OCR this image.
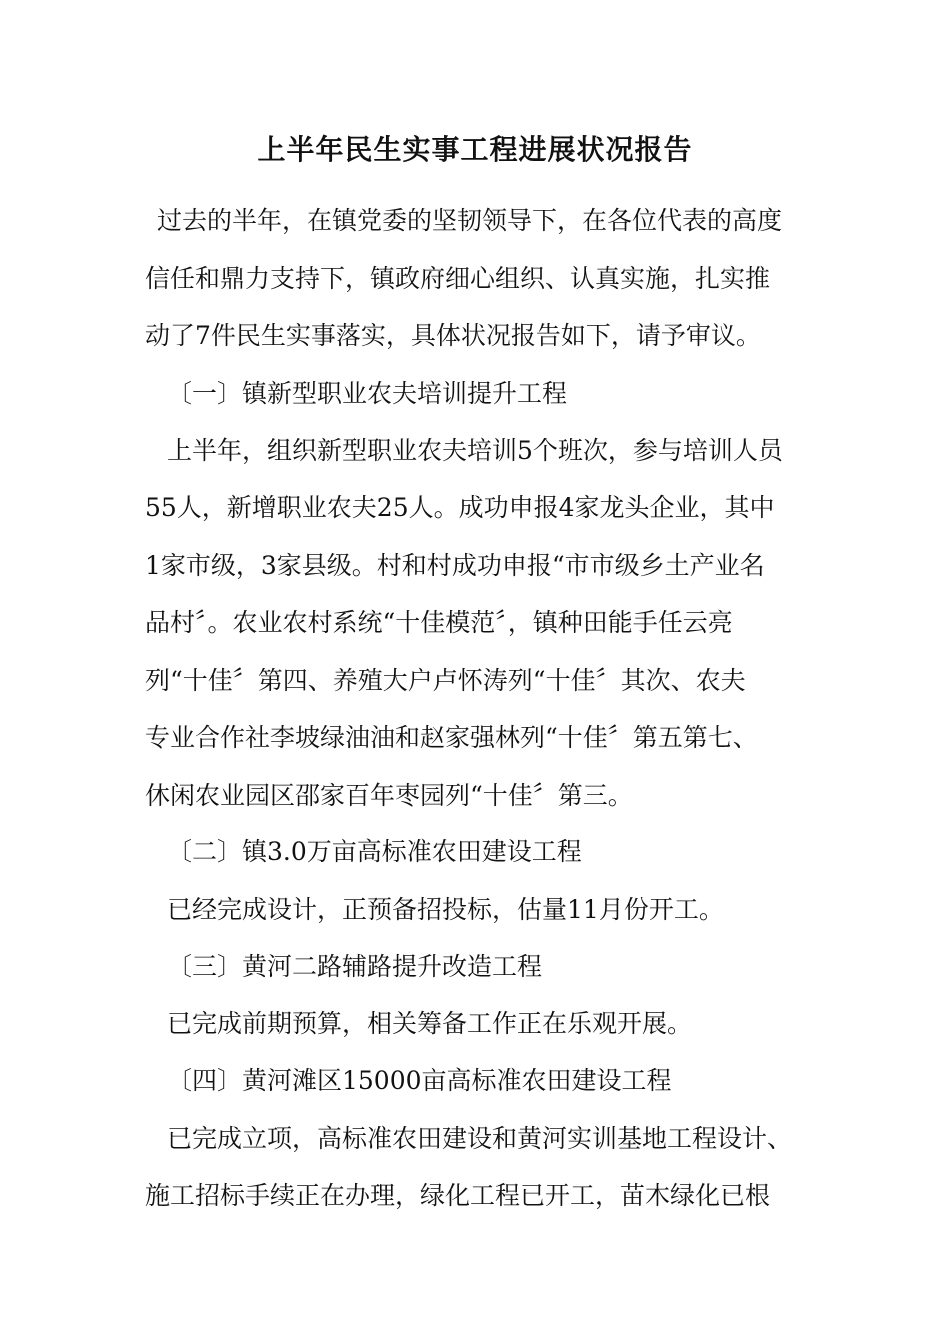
上半年民生实事工程进展状况报告
过去的半年，在镇党委的坚韧领导下，在各位代表的高度
信任和鼎力支持下，镇政府细心组织、认真实施，扎实推
动了7件民生实事落实，具体状况报告如下，请予审议。
〔一〕镇新型职业农夫培训提升工程
上半年，组织新型职业农夫培训5个班次，参与培训人员
55人，新增职业农夫25人。成功申报4家龙头企业，其中
1家市级，3家县级。村和村成功申报“市市级乡土产业名
品村〞。农业农村系统“十佳模范〞，镇种田能手任云亮
列“十佳〞第四、养殖大户卢怀涛列“十佳〞其次、农夫
专业合作社李坡绿油油和赵家强林列“十佳〞第五第七、
休闲农业园区邵家百年枣园列“十佳〞第三。
〔二〕镇3.0万亩高标准农田建设工程
已经完成设计，正预备招投标，估量11月份开工。
〔三〕黄河二路辅路提升改造工程
已完成前期预算，相关筹备工作正在乐观开展。
〔四〕黄河滩区15000亩高标准农田建设工程
已完成立项，高标准农田建设和黄河实训基地工程设计、
施工招标手续正在办理，绿化工程已开工，苗木绿化已根
